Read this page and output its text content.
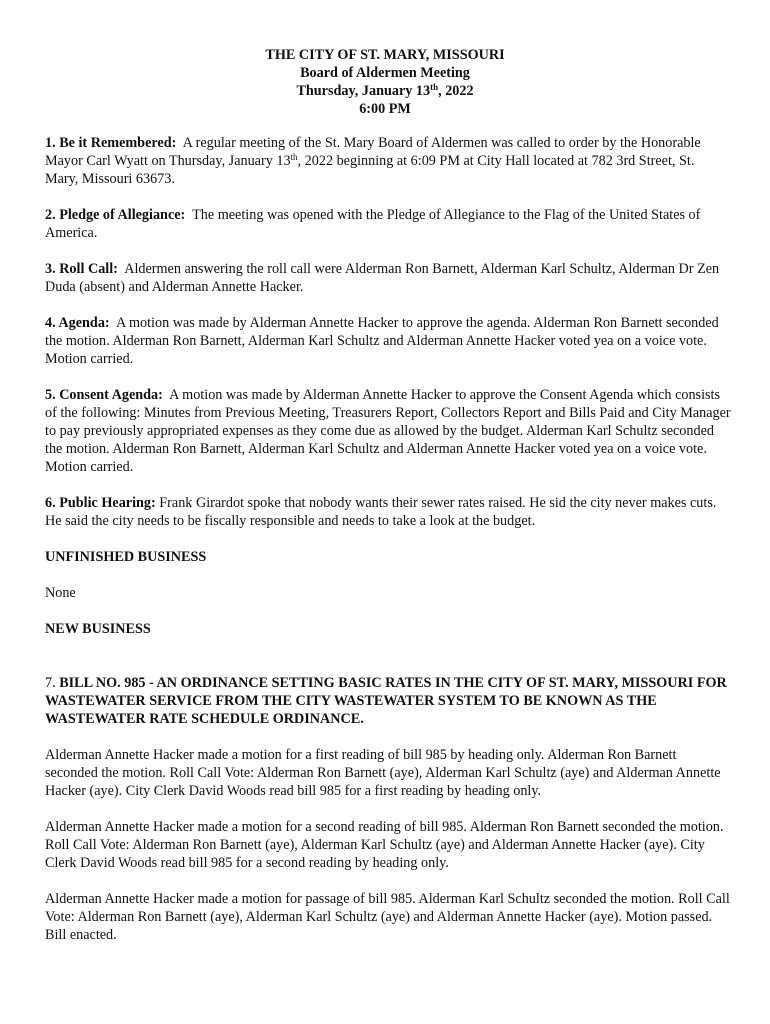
THE CITY OF ST. MARY, MISSOURI
Board of Aldermen Meeting
Thursday, January 13th, 2022
6:00 PM

1. Be it Remembered: A regular meeting of the St. Mary Board of Aldermen was called to order by the Honorable Mayor Carl Wyatt on Thursday, January 13th, 2022 beginning at 6:09 PM at City Hall located at 782 3rd Street, St. Mary, Missouri 63673.

2. Pledge of Allegiance: The meeting was opened with the Pledge of Allegiance to the Flag of the United States of America.

3. Roll Call: Aldermen answering the roll call were Alderman Ron Barnett, Alderman Karl Schultz, Alderman Dr Zen Duda (absent) and Alderman Annette Hacker.

4. Agenda: A motion was made by Alderman Annette Hacker to approve the agenda. Alderman Ron Barnett seconded the motion. Alderman Ron Barnett, Alderman Karl Schultz and Alderman Annette Hacker voted yea on a voice vote. Motion carried.

5. Consent Agenda: A motion was made by Alderman Annette Hacker to approve the Consent Agenda which consists of the following: Minutes from Previous Meeting, Treasurers Report, Collectors Report and Bills Paid and City Manager to pay previously appropriated expenses as they come due as allowed by the budget. Alderman Karl Schultz seconded the motion. Alderman Ron Barnett, Alderman Karl Schultz and Alderman Annette Hacker voted yea on a voice vote. Motion carried.

6. Public Hearing: Frank Girardot spoke that nobody wants their sewer rates raised. He sid the city never makes cuts. He said the city needs to be fiscally responsible and needs to take a look at the budget.

UNFINISHED BUSINESS

None

NEW BUSINESS

7. BILL NO. 985 - AN ORDINANCE SETTING BASIC RATES IN THE CITY OF ST. MARY, MISSOURI FOR WASTEWATER SERVICE FROM THE CITY WASTEWATER SYSTEM TO BE KNOWN AS THE WASTEWATER RATE SCHEDULE ORDINANCE.

Alderman Annette Hacker made a motion for a first reading of bill 985 by heading only. Alderman Ron Barnett seconded the motion. Roll Call Vote: Alderman Ron Barnett (aye), Alderman Karl Schultz (aye) and Alderman Annette Hacker (aye). City Clerk David Woods read bill 985 for a first reading by heading only.

Alderman Annette Hacker made a motion for a second reading of bill 985. Alderman Ron Barnett seconded the motion. Roll Call Vote: Alderman Ron Barnett (aye), Alderman Karl Schultz (aye) and Alderman Annette Hacker (aye). City Clerk David Woods read bill 985 for a second reading by heading only.

Alderman Annette Hacker made a motion for passage of bill 985. Alderman Karl Schultz seconded the motion. Roll Call Vote: Alderman Ron Barnett (aye), Alderman Karl Schultz (aye) and Alderman Annette Hacker (aye). Motion passed. Bill enacted.
